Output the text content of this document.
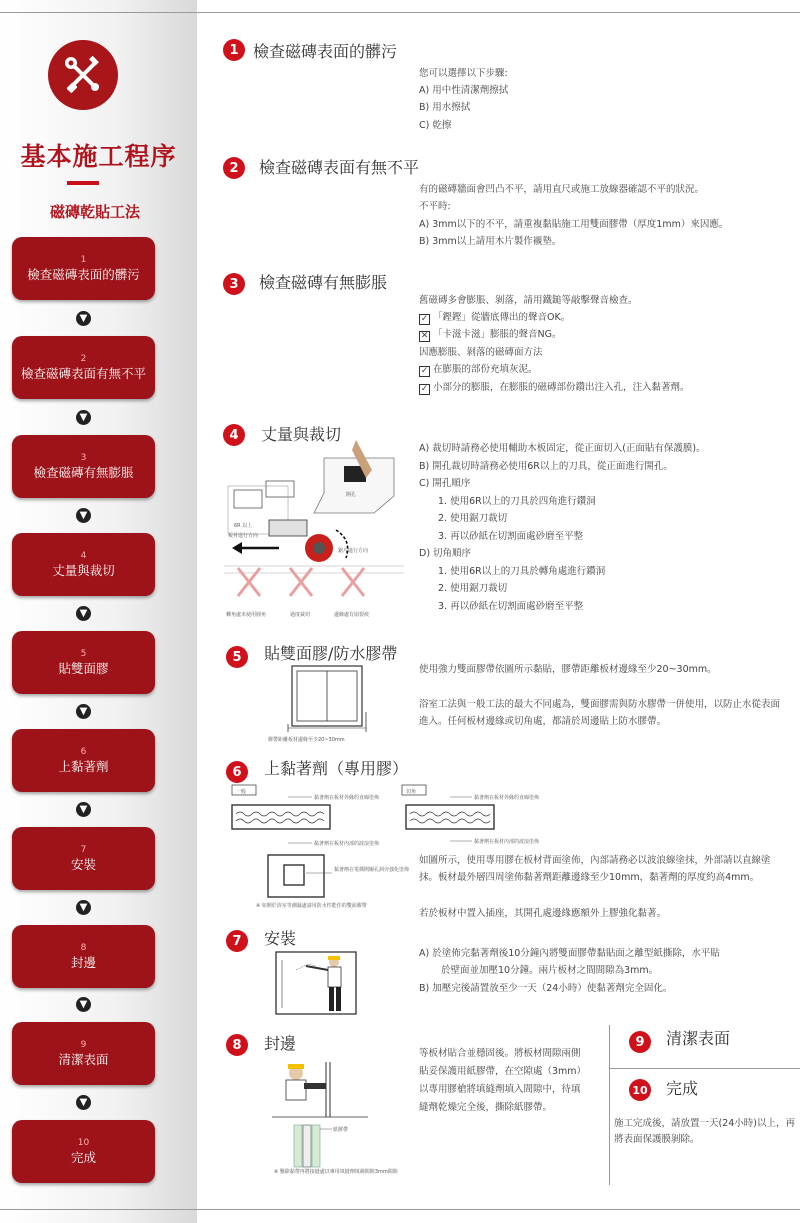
基本施工程序
磁磚乾貼工法
1
檢查磁磚表面的髒污
▼
2
檢查磁磚表面有無不平
▼
3
檢查磁磚有無膨脹
▼
4
丈量與裁切
▼
5
貼雙面膠
▼
6
上黏著劑
▼
7
安裝
▼
8
封邊
▼
9
清潔表面
▼
10
完成
1 檢查磁磚表面的髒污
您可以選擇以下步驟:
A) 用中性清潔劑擦拭
B) 用水擦拭
C) 乾擦
2	檢查磁磚表面有無不平
有的磁磚牆面會凹凸不平，請用直尺或施工放線器確認不平的狀況。
不平時:
A) 3mm以下的不平，請重複黏貼施工用雙面膠帶（厚度1mm）來因應。
B) 3mm以上請用木片製作襯墊。
3	檢查磁磚有無膨脹
舊磁磚多會膨脹、剝落，請用鐵鎚等敲擊聲音檢查。
✓ 「鏗鏗」從牆底傳出的聲音OK。
✕ 「卡滋卡滋」膨脹的聲音NG。
因應膨脹、剝落的磁磚面方法
✓ 在膨脹的部份充填灰泥。
✓ 小部分的膨脹，在膨脹的磁磚部份鑽出注入孔，注入黏著劑。
4	丈量與裁切
A) 裁切時請務必使用輔助木板固定，從正面切入(正面貼有保護膜)。
B) 開孔裁切時請務必使用6R以上的刀具，從正面進行開孔。
C) 開孔順序
1. 使用6R以上的刀具於四角進行鑽洞
2. 使用鋸刀裁切
3. 再以砂紙在切割面處砂磨至平整
D) 切角順序
1. 使用6R以上的刀具於轉角處進行鑽洞
2. 使用鋸刀裁切
3. 再以砂紙在切割面處砂磨至平整
開孔
6R 以上
板材進行方向
鋸片進行方向
轉角處未使用圓角	過度裁切	邊緣處有崩裂痕
5	貼雙面膠/防水膠帶
使用強力雙面膠帶依圖所示黏貼，膠帶距離板材邊緣至少20~30mm。
浴室工法與一般工法的最大不同處為，雙面膠需與防水膠帶一併使用，以防止水從表面進入。任何板材邊緣或切角處，都請於周邊貼上防水膠帶。
膠帶距離板材邊緣至少20~30mm
6	上黏著劑（專用膠）
一般	切角
黏著劑在板材外緣的直線塗佈
黏著劑在板材內部的波浪塗佈
黏著劑在板材外緣的直線塗佈
黏著劑在板材內部的波浪塗佈
黏著劑在電插開關孔洞旁強化塗佈
※ 如開於浴室等潮濕處請用防水性能佳的雙面膠帶
如圖所示，使用專用膠在板材背面塗佈，內部請務必以波浪線塗抹，外部請以直線塗抹。板材最外層四周塗佈黏著劑距離邊緣至少10mm，黏著劑的厚度約高4mm。
若於板材中置入插座，其開孔處邊緣應額外上膠強化黏著。
7	安裝
A) 於塗佈完黏著劑後10分鐘內將雙面膠帶黏貼面之離型紙撕除，水平貼
於壁面並加壓10分鐘。兩片板材之間間隙為3mm。
B) 加壓完後請置放至少一天（24小時）使黏著劑完全固化。
8	封邊
紙膠帶
※ 鑿除黏帶再將接縫處以專用填縫劑填補間隙3mm間隙
等板材貼合並穩固後。將板材間隙兩側貼妥保護用紙膠帶，在空隙處（3mm）以專用膠槍將填縫劑填入間隙中，待填縫劑乾燥完全後，撕除紙膠帶。
9	清潔表面
10 完成
施工完成後，請放置一天(24小時)以上，再將表面保護膜剝除。
